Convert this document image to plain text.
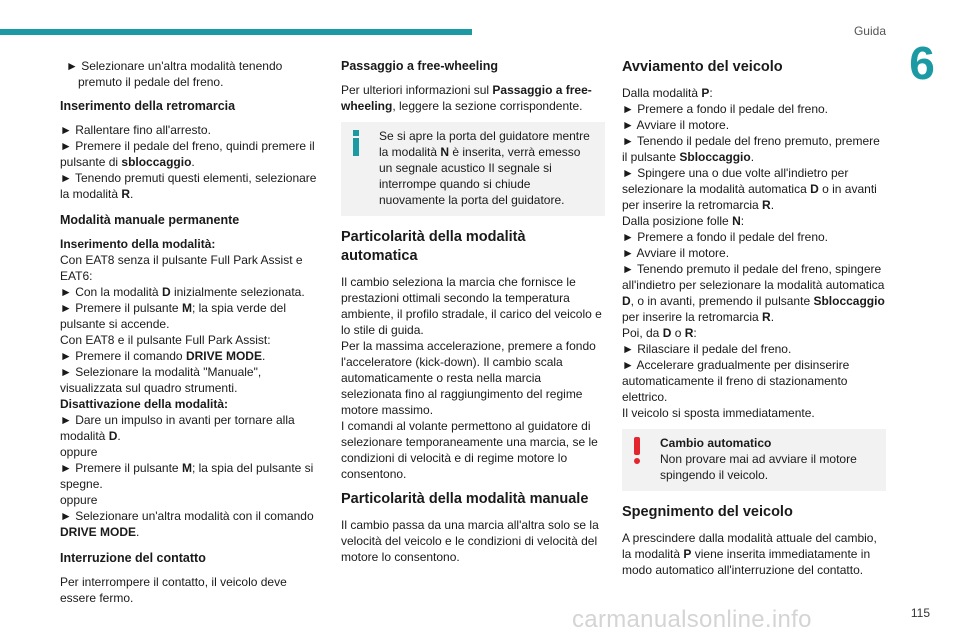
Guida
6

► Selezionare un'altra modalità tenendo premuto il pedale del freno.

Inserimento della retromarcia

► Rallentare fino all'arresto.
► Premere il pedale del freno, quindi premere il pulsante di sbloccaggio.
► Tenendo premuti questi elementi, selezionare la modalità R.

Modalità manuale permanente

Inserimento della modalità:
Con EAT8 senza il pulsante Full Park Assist e EAT6:
► Con la modalità D inizialmente selezionata.
► Premere il pulsante M; la spia verde del pulsante si accende.
Con EAT8 e il pulsante Full Park Assist:
► Premere il comando DRIVE MODE.
► Selezionare la modalità "Manuale", visualizzata sul quadro strumenti.
Disattivazione della modalità:
► Dare un impulso in avanti per tornare alla modalità D.
oppure
► Premere il pulsante M; la spia del pulsante si spegne.
oppure
► Selezionare un'altra modalità con il comando DRIVE MODE.

Interruzione del contatto

Per interrompere il contatto, il veicolo deve essere fermo.

Passaggio a free-wheeling

Per ulteriori informazioni sul Passaggio a free-wheeling, leggere la sezione corrispondente.

Se si apre la porta del guidatore mentre la modalità N è inserita, verrà emesso un segnale acustico Il segnale si interrompe quando si chiude nuovamente la porta del guidatore.
Particolarità della modalità automatica

Il cambio seleziona la marcia che fornisce le prestazioni ottimali secondo la temperatura ambiente, il profilo stradale, il carico del veicolo e lo stile di guida.
Per la massima accelerazione, premere a fondo l'acceleratore (kick-down). Il cambio scala automaticamente o resta nella marcia selezionata fino al raggiungimento del regime motore massimo.
I comandi al volante permettono al guidatore di selezionare temporaneamente una marcia, se le condizioni di velocità e di regime motore lo consentono.

Particolarità della modalità manuale

Il cambio passa da una marcia all'altra solo se la velocità del veicolo e le condizioni di velocità del motore lo consentono.

Avviamento del veicolo

Dalla modalità P:
► Premere a fondo il pedale del freno.
► Avviare il motore.
► Tenendo il pedale del freno premuto, premere il pulsante Sbloccaggio.
► Spingere una o due volte all'indietro per selezionare la modalità automatica D o in avanti per inserire la retromarcia R.
Dalla posizione folle N:
► Premere a fondo il pedale del freno.
► Avviare il motore.
► Tenendo premuto il pedale del freno, spingere all'indietro per selezionare la modalità automatica D, o in avanti, premendo il pulsante Sbloccaggio per inserire la retromarcia R.
Poi, da D o R:
► Rilasciare il pedale del freno.
► Accelerare gradualmente per disinserire automaticamente il freno di stazionamento elettrico.
Il veicolo si sposta immediatamente.

Cambio automatico
Non provare mai ad avviare il motore spingendo il veicolo.
Spegnimento del veicolo

A prescindere dalla modalità attuale del cambio, la modalità P viene inserita immediatamente in modo automatico all'interruzione del contatto.

carmanualsonline.info	115
